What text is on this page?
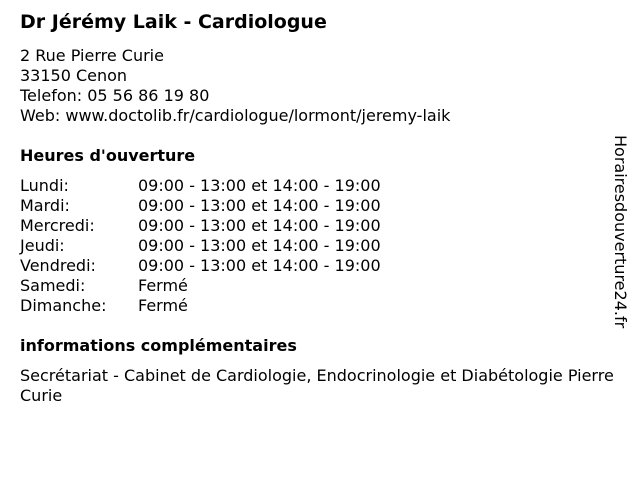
Dr Jérémy Laik - Cardiologue
2 Rue Pierre Curie
33150 Cenon
Telefon: 05 56 86 19 80
Web: www.doctolib.fr/cardiologue/lormont/jeremy-laik
Heures d'ouverture
Lundi:	09:00 - 13:00 et 14:00 - 19:00
Mardi:	09:00 - 13:00 et 14:00 - 19:00
Mercredi:	09:00 - 13:00 et 14:00 - 19:00
Jeudi:	09:00 - 13:00 et 14:00 - 19:00
Vendredi:	09:00 - 13:00 et 14:00 - 19:00
Samedi:	Fermé
Dimanche:	Fermé
informations complémentaires
Secrétariat - Cabinet de Cardiologie, Endocrinologie et Diabétologie Pierre Curie
Horairesdouverture24.fr
